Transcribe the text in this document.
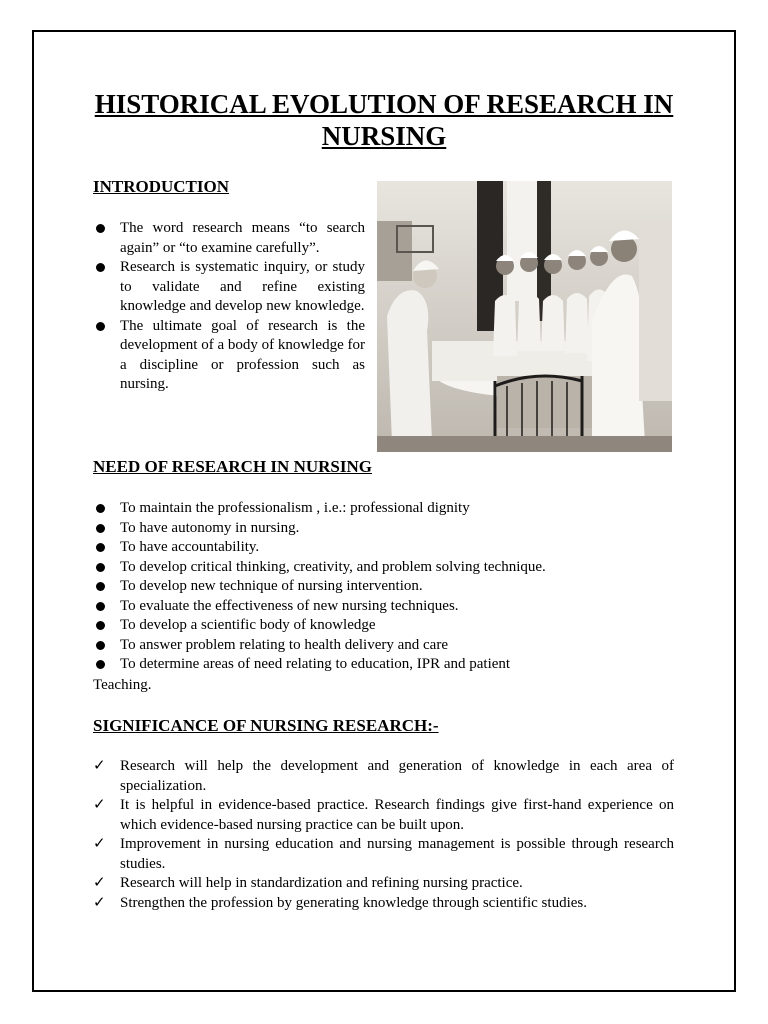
HISTORICAL EVOLUTION OF RESEARCH IN NURSING
INTRODUCTION
The word research means “to search again” or “to examine carefully”.
Research is systematic inquiry, or study to validate and refine existing knowledge and develop new knowledge.
The ultimate goal of research is the development of a body of knowledge for a discipline or profession such as nursing.
NEED OF RESEARCH IN NURSING
To maintain the professionalism , i.e.: professional dignity
To have autonomy in nursing.
To have accountability.
To develop critical thinking, creativity, and problem solving technique.
To develop new technique of nursing intervention.
To evaluate the effectiveness of new nursing techniques.
To develop a scientific body of knowledge
To answer problem relating to health delivery and care
To determine areas of need relating to education, IPR and patient
Teaching.
SIGNIFICANCE OF NURSING RESEARCH:-
✓ Research will help the development and generation of knowledge in each area of specialization.
✓ It is helpful in evidence-based practice. Research findings give first-hand experience on which evidence-based nursing practice can be built upon.
✓ Improvement in nursing education and nursing management is possible through research studies.
✓ Research will help in standardization and refining nursing practice.
✓ Strengthen the profession by generating knowledge through scientific studies.
